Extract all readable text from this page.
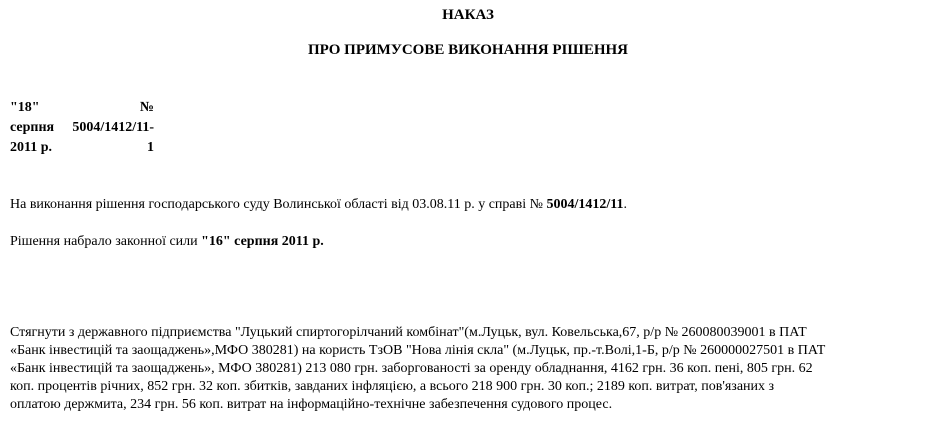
НАКАЗ
ПРО ПРИМУСОВЕ ВИКОНАННЯ РІШЕННЯ
"18"	№
серпня	5004/1412/11-
2011 р.	1

На виконання рішення господарського суду Волинської області від 03.08.11 р. у справі № 5004/1412/11.

Рішення набрало законної сили "16" серпня 2011 р.

Стягнути з державного підприємства "Луцький спиртогорілчаний комбінат"(м.Луцьк, вул. Ковельська,67, р/р № 260080039001 в ПАТ
«Банк інвестицій та заощаджень»,МФО 380281) на користь ТзОВ "Нова лінія скла" (м.Луцьк, пр.-т.Волі,1-Б, р/р № 260000027501 в ПАТ
«Банк інвестицій та заощаджень», МФО 380281) 213 080 грн. заборгованості за оренду обладнання, 4162 грн. 36 коп. пені, 805 грн. 62
коп. процентів річних, 852 грн. 32 коп. збитків, завданих інфляцією, а всього 218 900 грн. 30 коп.; 2189 коп. витрат, пов'язаних з
оплатою держмита, 234 грн. 56 коп. витрат на інформаційно-технічне забезпечення судового процес.
